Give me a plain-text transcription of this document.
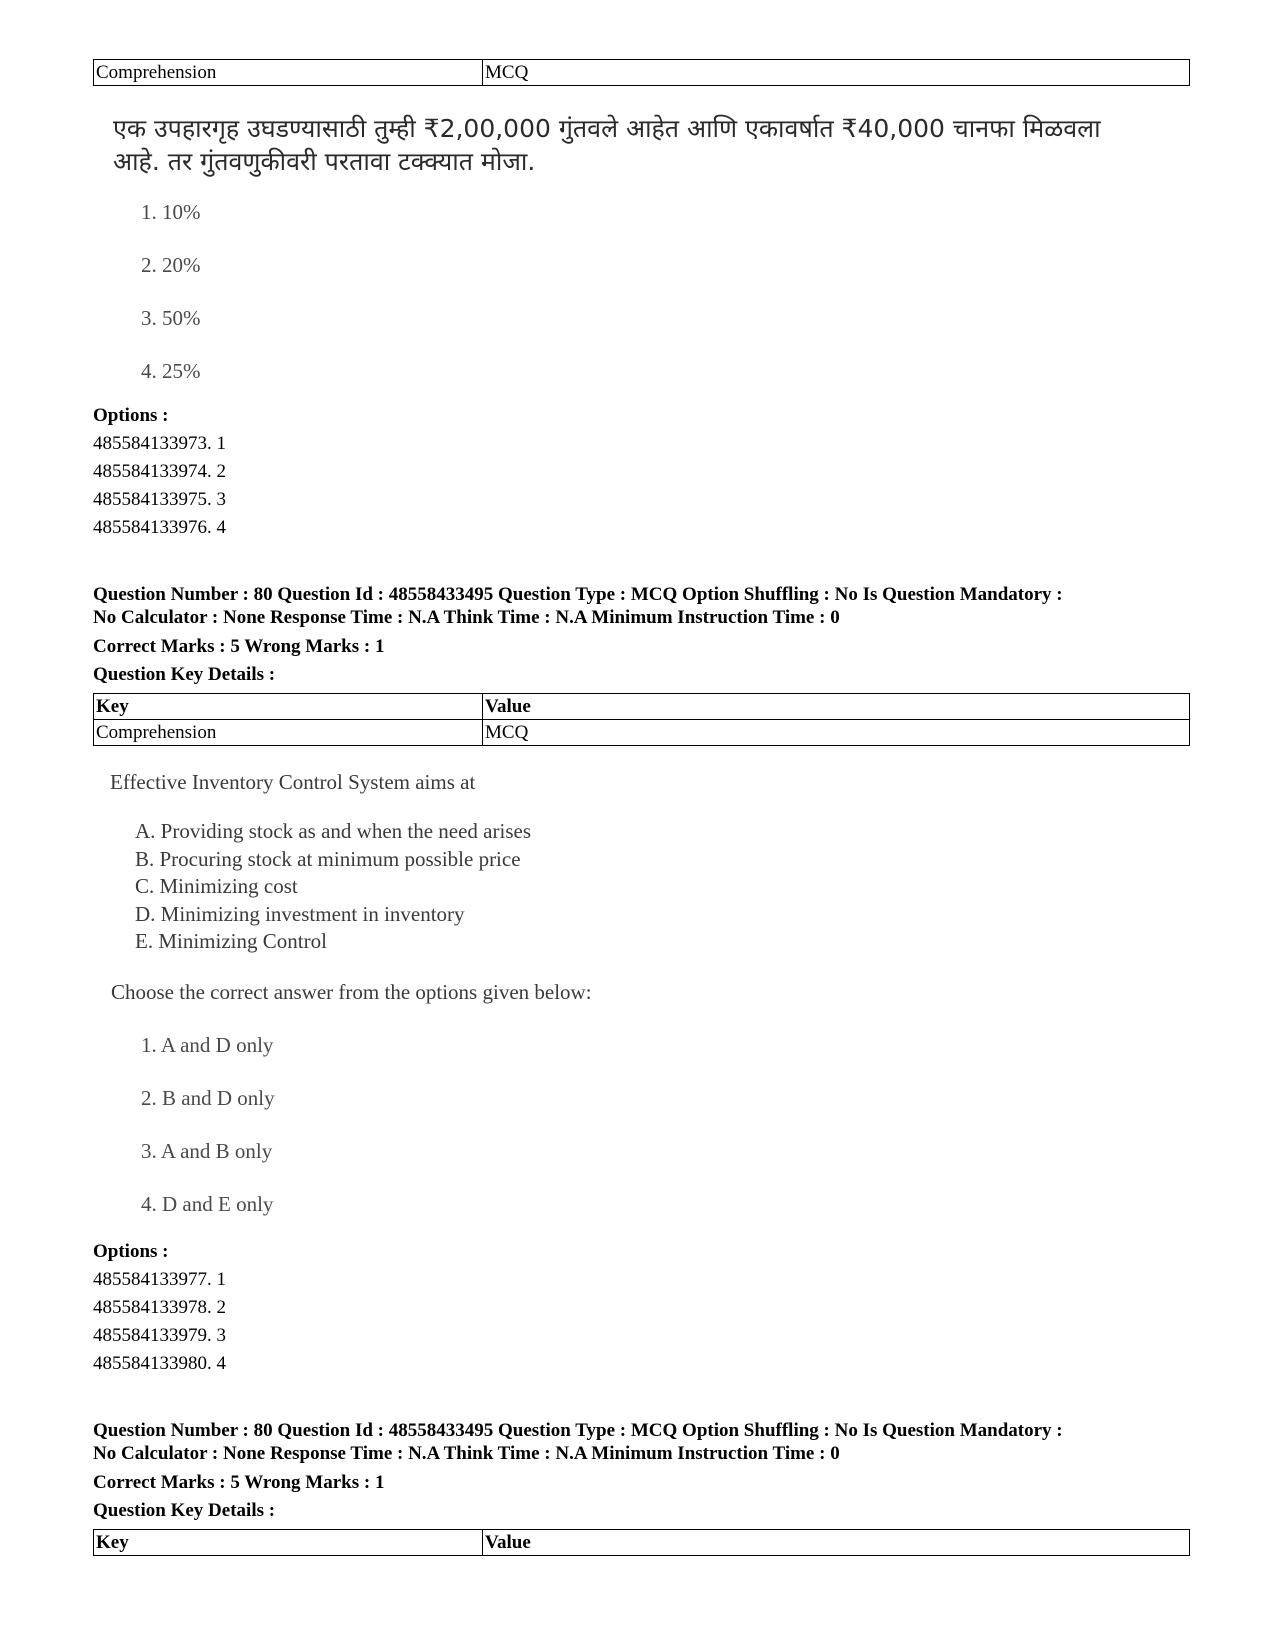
Comprehension	MCQ
एक उपहारगृह उघडण्यासाठी तुम्ही ₹2,00,000 गुंतवले आहेत आणि एकावर्षात ₹40,000 चानफा मिळवला आहे. तर गुंतवणुकीवरी परतावा टक्क्यात मोजा.
1. 10%
2. 20%
3. 50%
4. 25%
Options :
485584133973. 1
485584133974. 2
485584133975. 3
485584133976. 4
Question Number : 80 Question Id : 48558433495 Question Type : MCQ Option Shuffling : No Is Question Mandatory :
No Calculator : None Response Time : N.A Think Time : N.A Minimum Instruction Time : 0
Correct Marks : 5 Wrong Marks : 1
Question Key Details :
Key	Value
Comprehension	MCQ
Effective Inventory Control System aims at
A. Providing stock as and when the need arises
B. Procuring stock at minimum possible price
C. Minimizing cost
D. Minimizing investment in inventory
E. Minimizing Control
Choose the correct answer from the options given below:
1. A and D only
2. B and D only
3. A and B only
4. D and E only
Options :
485584133977. 1
485584133978. 2
485584133979. 3
485584133980. 4
Question Number : 80 Question Id : 48558433495 Question Type : MCQ Option Shuffling : No Is Question Mandatory :
No Calculator : None Response Time : N.A Think Time : N.A Minimum Instruction Time : 0
Correct Marks : 5 Wrong Marks : 1
Question Key Details :
Key	Value
